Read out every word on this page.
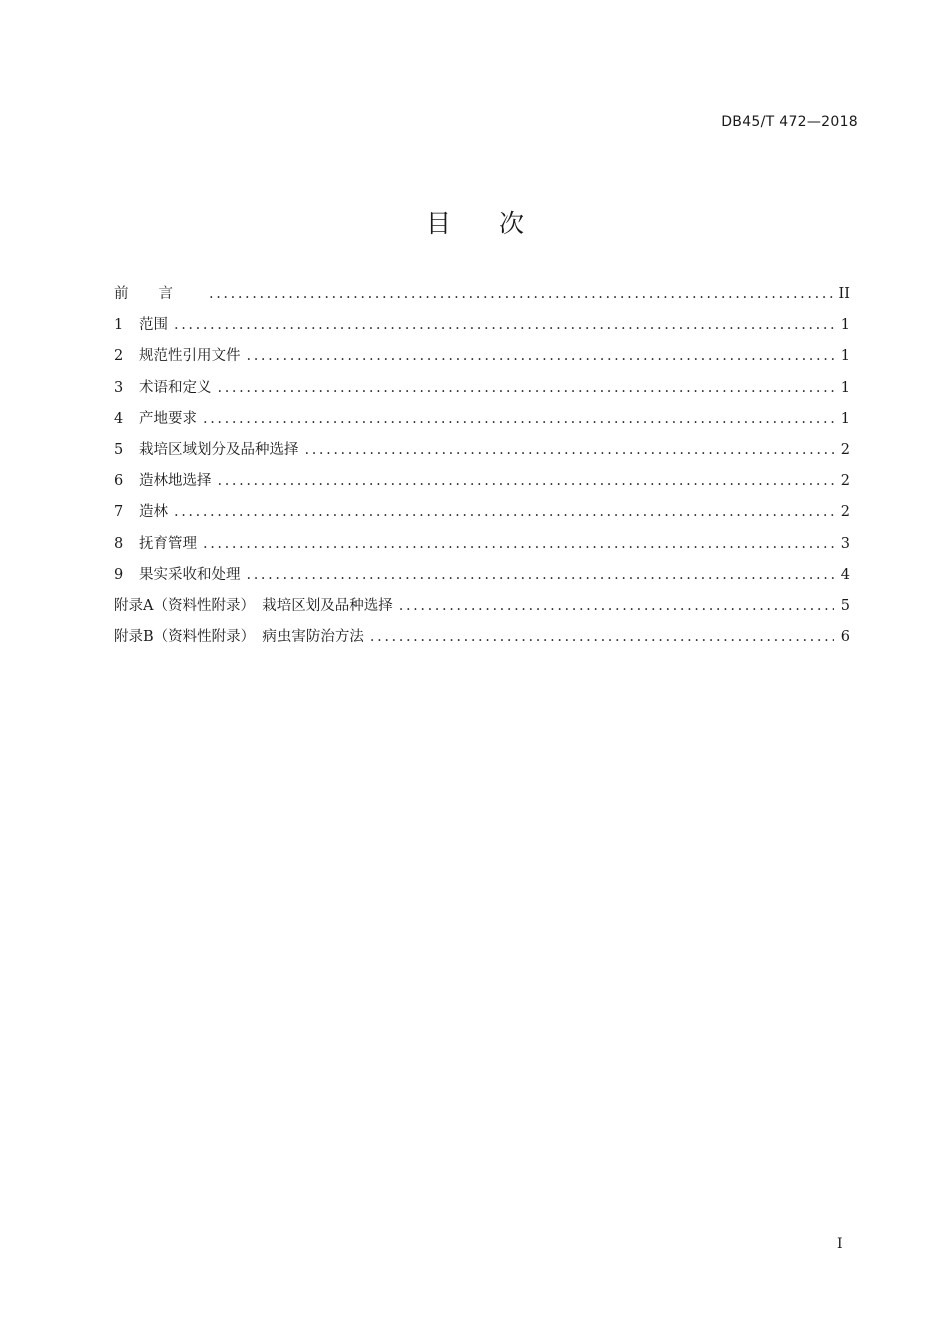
DB45/T 472—2018
目次
前言 .....	II
1	范围 .....	1
2	规范性引用文件 .....	1
3	术语和定义 .....	1
4	产地要求 .....	1
5	栽培区域划分及品种选择 .....	2
6	造林地选择 .....	2
7	造林 .....	2
8	抚育管理 .....	3
9	果实采收和处理 .....	4
附录A（资料性附录）　栽培区划及品种选择 .....	5
附录B（资料性附录）　病虫害防治方法 .....	6
I
